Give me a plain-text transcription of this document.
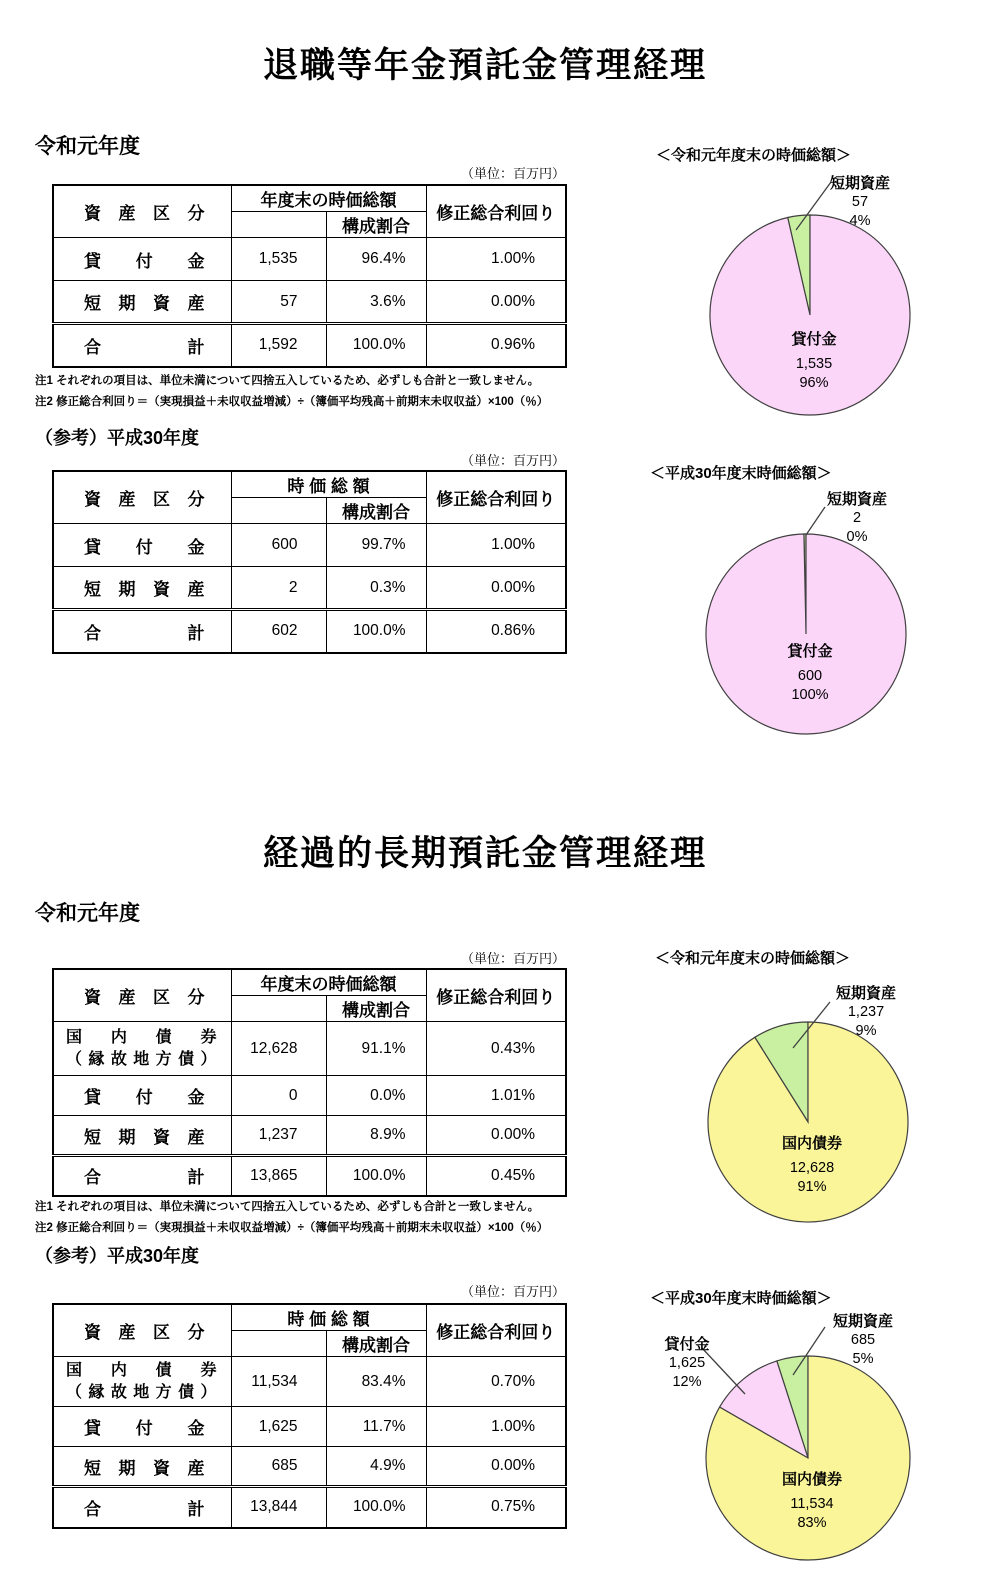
退職等年金預託金管理経理
令和元年度
（単位：百万円）
資 産 区 分	年度末の時価総額		修正総合利回り
		構成割合	
貸 付 金	1,535	96.4%	1.00%
短 期 資 産	57	3.6%	0.00%
合 計	1,592	100.0%	0.96%
注1 それぞれの項目は、単位未満について四捨五入しているため、必ずしも合計と一致しません。
注2 修正総合利回り＝（実現損益＋未収収益増減）÷（簿価平均残高＋前期末未収収益）×100（％）
（参考）平成30年度
（単位：百万円）
資 産 区 分	時 価 総 額		修正総合利回り
		構成割合	
貸 付 金	600	99.7%	1.00%
短 期 資 産	2	0.3%	0.00%
合 計	602	100.0%	0.86%
＜令和元年度末の時価総額＞
短期資産
57
4%
貸付金
1,535
96%
＜平成30年度末時価総額＞
短期資産
2
0%
貸付金
600
100%
経過的長期預託金管理経理
令和元年度
（単位：百万円）
資 産 区 分	年度末の時価総額		修正総合利回り
		構成割合	

国 内 債 券
（ 縁 故 地 方 債 ）	12,628	91.1%	0.43%
貸 付 金	0	0.0%	1.01%
短 期 資 産	1,237	8.9%	0.00%
合 計	13,865	100.0%	0.45%
注1 それぞれの項目は、単位未満について四捨五入しているため、必ずしも合計と一致しません。
注2 修正総合利回り＝（実現損益＋未収収益増減）÷（簿価平均残高＋前期末未収収益）×100（％）
（参考）平成30年度
（単位：百万円）
資 産 区 分	時 価 総 額		修正総合利回り
		構成割合	

国 内 債 券
（ 縁 故 地 方 債 ）	11,534	83.4%	0.70%
貸 付 金	1,625	11.7%	1.00%
短 期 資 産	685	4.9%	0.00%
合 計	13,844	100.0%	0.75%
＜令和元年度末の時価総額＞
短期資産
1,237
9%
国内債券
12,628
91%
＜平成30年度末時価総額＞
短期資産
685
5%
貸付金
1,625
12%
国内債券
11,534
83%
